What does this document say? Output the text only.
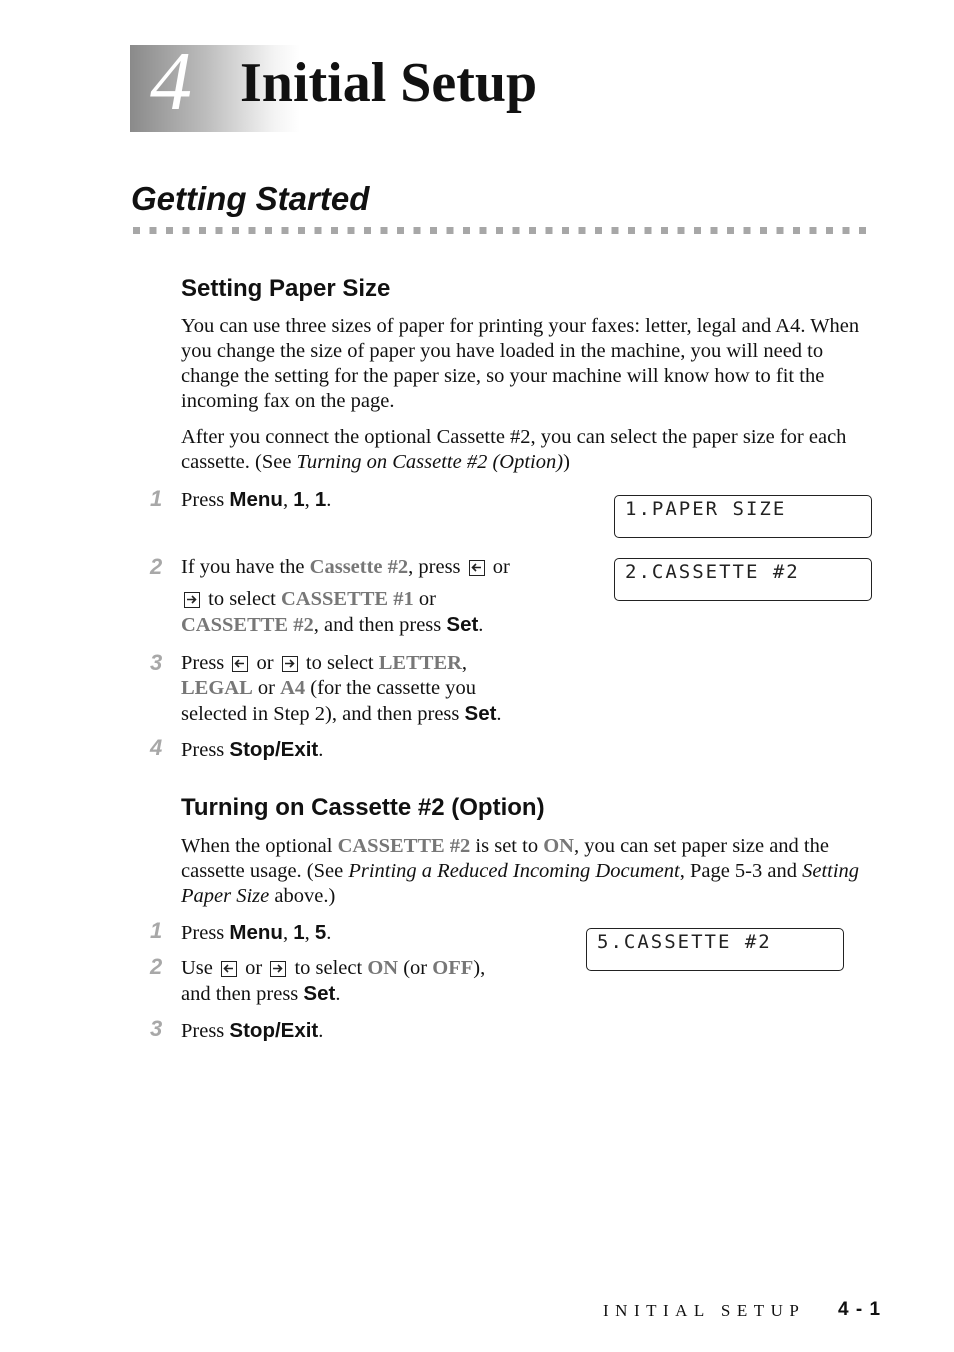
4 Initial Setup
Getting Started
Setting Paper Size
You can use three sizes of paper for printing your faxes: letter, legal and A4. When you change the size of paper you have loaded in the machine, you will need to change the setting for the paper size, so your machine will know how to fit the incoming fax on the page.
After you connect the optional Cassette #2, you can select the paper size for each cassette. (See Turning on Cassette #2 (Option))
1 Press Menu, 1, 1.	1.PAPER SIZE
2 If you have the Cassette #2, press or
to select CASSETTE #1 or
CASSETTE #2, and then press Set.
2.CASSETTE #2
3 Press or to select LETTER,
LEGAL or A4 (for the cassette you
selected in Step 2), and then press Set.
4 Press Stop/Exit.
Turning on Cassette #2 (Option)
When the optional CASSETTE #2 is set to ON, you can set paper size and the cassette usage. (See Printing a Reduced Incoming Document, Page 5-3 and Setting Paper Size above.)
1 Press Menu, 1, 5.	5.CASSETTE #2
2 Use or to select ON (or OFF),
and then press Set.
3 Press Stop/Exit.
INITIAL SETUP 4 - 1
